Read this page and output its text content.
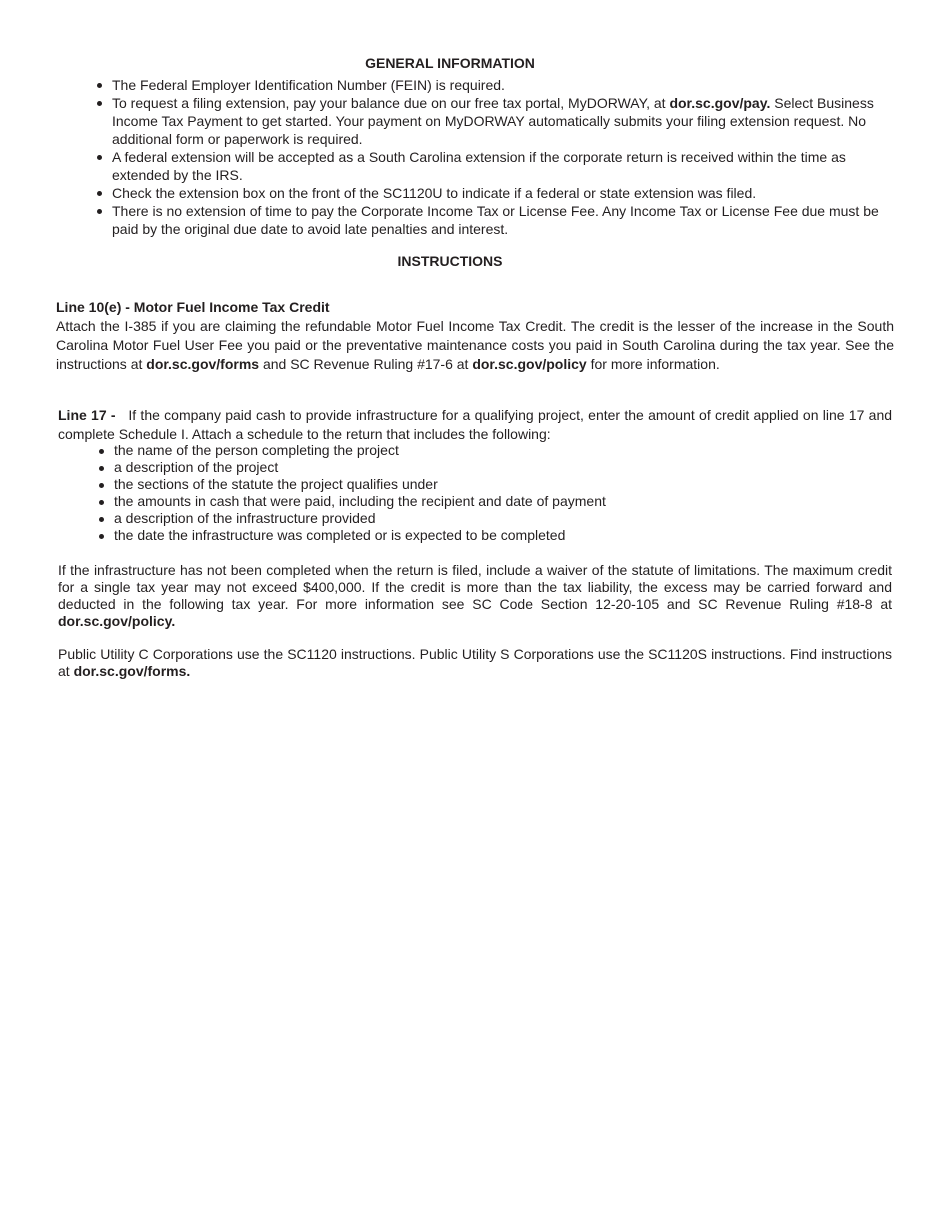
GENERAL INFORMATION
The Federal Employer Identification Number (FEIN) is required.
To request a filing extension, pay your balance due on our free tax portal, MyDORWAY, at dor.sc.gov/pay. Select Business Income Tax Payment to get started. Your payment on MyDORWAY automatically submits your filing extension request. No additional form or paperwork is required.
A federal extension will be accepted as a South Carolina extension if the corporate return is received within the time as extended by the IRS.
Check the extension box on the front of the SC1120U to indicate if a federal or state extension was filed.
There is no extension of time to pay the Corporate Income Tax or License Fee. Any Income Tax or License Fee due must be paid by the original due date to avoid late penalties and interest.
INSTRUCTIONS
Line 10(e) - Motor Fuel Income Tax Credit
Attach the I-385 if you are claiming the refundable Motor Fuel Income Tax Credit. The credit is the lesser of the increase in the South Carolina Motor Fuel User Fee you paid or the preventative maintenance costs you paid in South Carolina during the tax year. See the instructions at dor.sc.gov/forms and SC Revenue Ruling #17-6 at dor.sc.gov/policy for more information.
Line 17 - If the company paid cash to provide infrastructure for a qualifying project, enter the amount of credit applied on line 17 and complete Schedule I. Attach a schedule to the return that includes the following:
the name of the person completing the project
a description of the project
the sections of the statute the project qualifies under
the amounts in cash that were paid, including the recipient and date of payment
a description of the infrastructure provided
the date the infrastructure was completed or is expected to be completed
If the infrastructure has not been completed when the return is filed, include a waiver of the statute of limitations. The maximum credit for a single tax year may not exceed $400,000. If the credit is more than the tax liability, the excess may be carried forward and deducted in the following tax year. For more information see SC Code Section 12-20-105 and SC Revenue Ruling #18-8 at dor.sc.gov/policy.
Public Utility C Corporations use the SC1120 instructions. Public Utility S Corporations use the SC1120S instructions. Find instructions at dor.sc.gov/forms.
